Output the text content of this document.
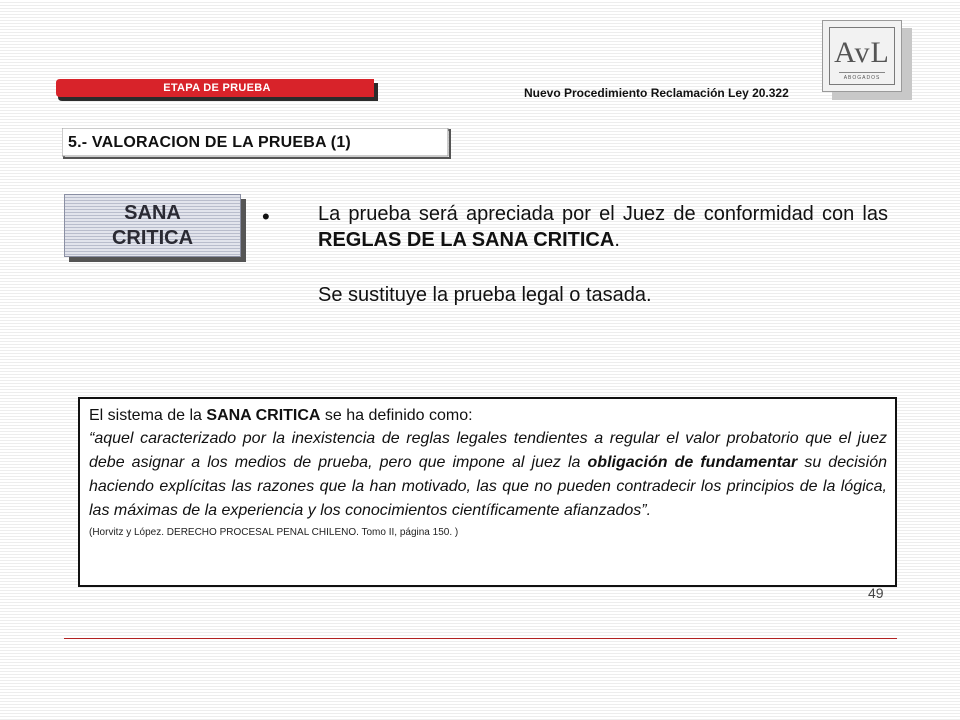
AvL
ABOGADOS
ETAPA DE PRUEBA	Nuevo Procedimiento Reclamación Ley 20.322
5.- VALORACION DE LA PRUEBA (1)
SANA
CRITICA
• La prueba será apreciada por el Juez de conformidad con las REGLAS DE LA SANA CRITICA.
Se sustituye la prueba legal o tasada.
El sistema de la SANA CRITICA se ha definido como:
“aquel caracterizado por la inexistencia de reglas legales tendientes a regular el valor probatorio que el juez debe asignar a los medios de prueba, pero que impone al juez la obligación de fundamentar su decisión haciendo explícitas las razones que la han motivado, las que no pueden contradecir los principios de la lógica, las máximas de la experiencia y los conocimientos científicamente afianzados”.
(Horvitz y López. DERECHO PROCESAL PENAL CHILENO. Tomo II, página 150. )
49
